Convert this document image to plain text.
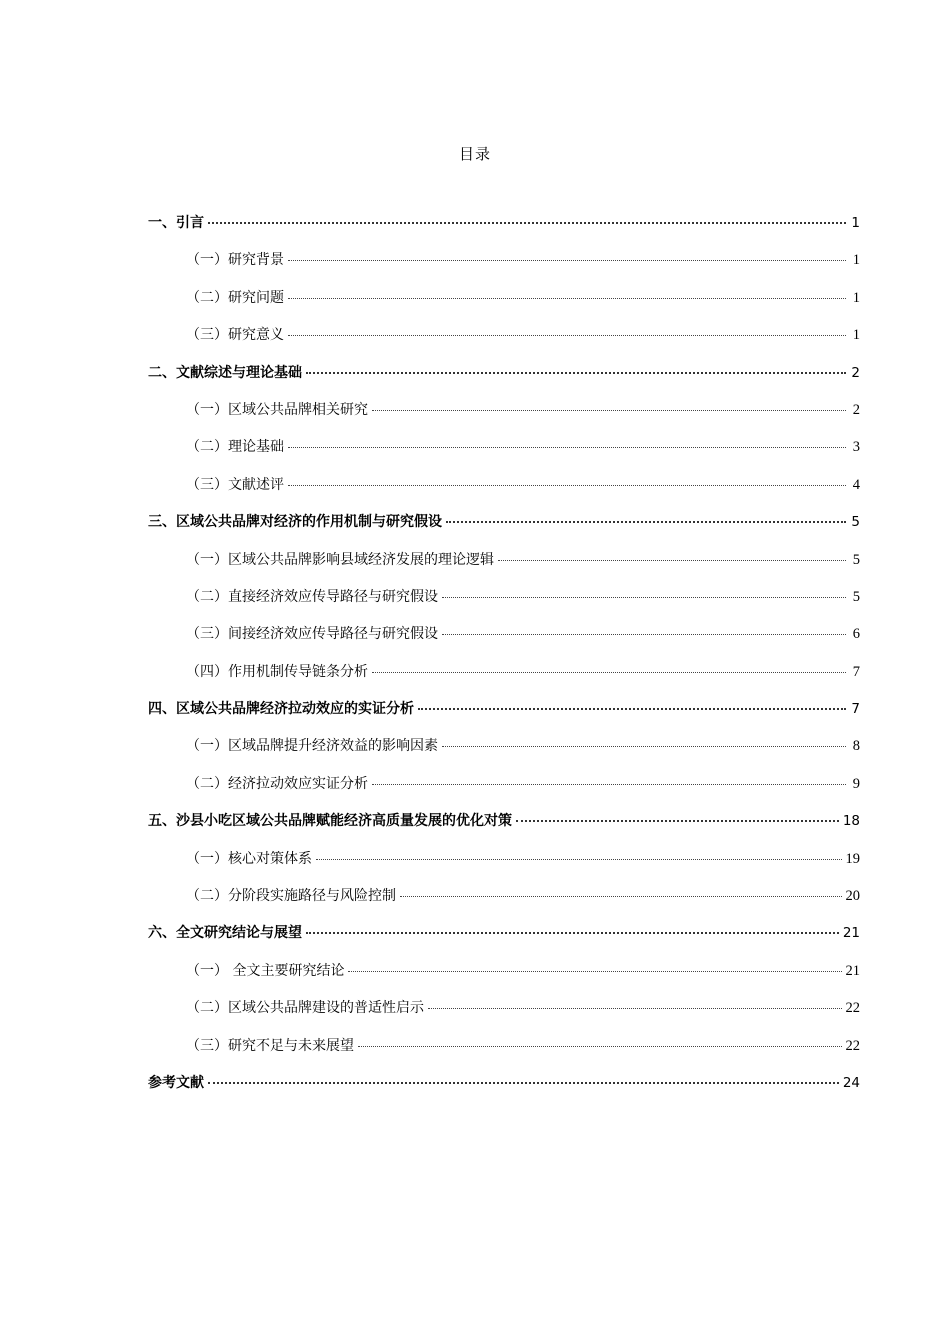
目录
一、引言	1
（一）研究背景	1
（二）研究问题	1
（三）研究意义	1
二、文献综述与理论基础	2
（一）区域公共品牌相关研究	2
（二）理论基础	3
（三）文献述评	4
三、区域公共品牌对经济的作用机制与研究假设	5
（一）区域公共品牌影响县域经济发展的理论逻辑	5
（二）直接经济效应传导路径与研究假设	5
（三）间接经济效应传导路径与研究假设	6
（四）作用机制传导链条分析	7
四、区域公共品牌经济拉动效应的实证分析	7
（一）区域品牌提升经济效益的影响因素	8
（二）经济拉动效应实证分析	9
五、沙县小吃区域公共品牌赋能经济高质量发展的优化对策	18
（一）核心对策体系	19
（二）分阶段实施路径与风险控制	20
六、全文研究结论与展望	21
（一） 全文主要研究结论	21
（二）区域公共品牌建设的普适性启示	22
（三）研究不足与未来展望	22
参考文献	24
